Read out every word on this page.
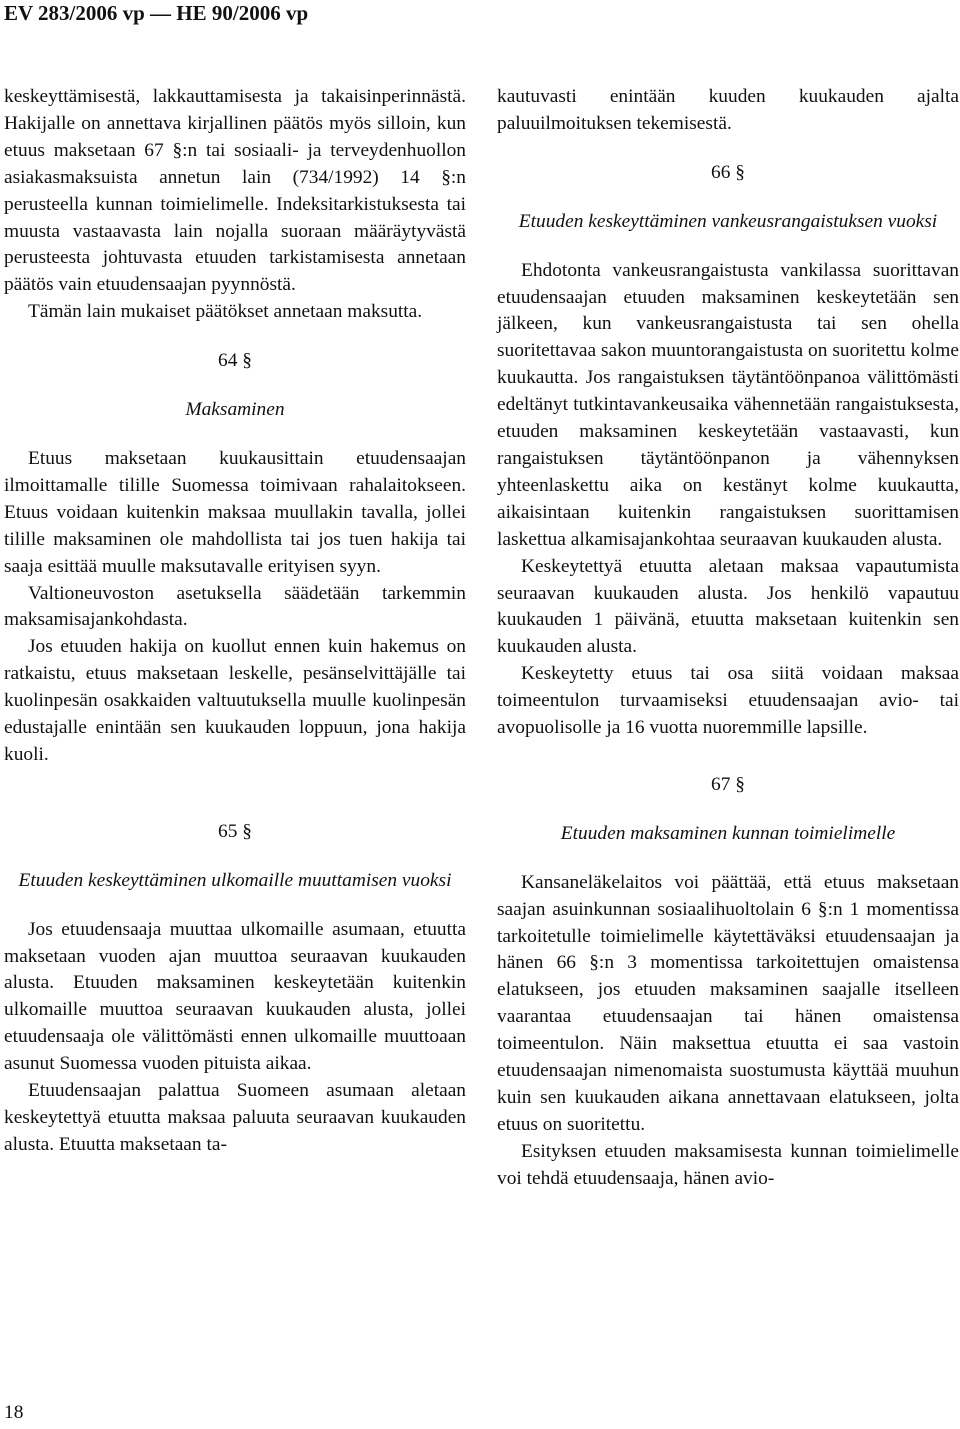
EV 283/2006 vp — HE 90/2006 vp

keskeyttämisestä, lakkauttamisesta ja takaisinperinnästä. Hakijalle on annettava kirjallinen päätös myös silloin, kun etuus maksetaan 67 §:n tai sosiaali- ja terveydenhuollon asiakasmaksuista annetun lain (734/1992) 14 §:n perusteella kunnan toimielimelle. Indeksitarkistuksesta tai muusta vastaavasta lain nojalla suoraan määräytyvästä perusteesta johtuvasta etuuden tarkistamisesta annetaan päätös vain etuudensaajan pyynnöstä.

Tämän lain mukaiset päätökset annetaan maksutta.

64 §

Maksaminen

Etuus maksetaan kuukausittain etuudensaajan ilmoittamalle tilille Suomessa toimivaan rahalaitokseen. Etuus voidaan kuitenkin maksaa muullakin tavalla, jollei tilille maksaminen ole mahdollista tai jos tuen hakija tai saaja esittää muulle maksutavalle erityisen syyn.

Valtioneuvoston asetuksella säädetään tarkemmin maksamisajankohdasta.

Jos etuuden hakija on kuollut ennen kuin hakemus on ratkaistu, etuus maksetaan leskelle, pesänselvittäjälle tai kuolinpesän osakkaiden valtuutuksella muulle kuolinpesän edustajalle enintään sen kuukauden loppuun, jona hakija kuoli.

65 §

Etuuden keskeyttäminen ulkomaille muuttamisen vuoksi

Jos etuudensaaja muuttaa ulkomaille asumaan, etuutta maksetaan vuoden ajan muuttoa seuraavan kuukauden alusta. Etuuden maksaminen keskeytetään kuitenkin ulkomaille muuttoa seuraavan kuukauden alusta, jollei etuudensaaja ole välittömästi ennen ulkomaille muuttoaan asunut Suomessa vuoden pituista aikaa.

Etuudensaajan palattua Suomeen asumaan aletaan keskeytettyä etuutta maksaa paluuta seuraavan kuukauden alusta. Etuutta maksetaan ta-

kautuvasti enintään kuuden kuukauden ajalta paluuilmoituksen tekemisestä.

66 §

Etuuden keskeyttäminen vankeusrangaistuksen vuoksi

Ehdotonta vankeusrangaistusta vankilassa suorittavan etuudensaajan etuuden maksaminen keskeytetään sen jälkeen, kun vankeusrangaistusta tai sen ohella suoritettavaa sakon muuntorangaistusta on suoritettu kolme kuukautta. Jos rangaistuksen täytäntöönpanoa välittömästi edeltänyt tutkintavankeusaika vähennetään rangaistuksesta, etuuden maksaminen keskeytetään vastaavasti, kun rangaistuksen täytäntöönpanon ja vähennyksen yhteenlaskettu aika on kestänyt kolme kuukautta, aikaisintaan kuitenkin rangaistuksen suorittamisen laskettua alkamisajankohtaa seuraavan kuukauden alusta.

Keskeytettyä etuutta aletaan maksaa vapautumista seuraavan kuukauden alusta. Jos henkilö vapautuu kuukauden 1 päivänä, etuutta maksetaan kuitenkin sen kuukauden alusta.

Keskeytetty etuus tai osa siitä voidaan maksaa toimeentulon turvaamiseksi etuudensaajan avio- tai avopuolisolle ja 16 vuotta nuoremmille lapsille.

67 §

Etuuden maksaminen kunnan toimielimelle

Kansaneläkelaitos voi päättää, että etuus maksetaan saajan asuinkunnan sosiaalihuoltolain 6 §:n 1 momentissa tarkoitetulle toimielimelle käytettäväksi etuudensaajan ja hänen 66 §:n 3 momentissa tarkoitettujen omaistensa elatukseen, jos etuuden maksaminen saajalle itselleen vaarantaa etuudensaajan tai hänen omaistensa toimeentulon. Näin maksettua etuutta ei saa vastoin etuudensaajan nimenomaista suostumusta käyttää muuhun kuin sen kuukauden aikana annettavaan elatukseen, jolta etuus on suoritettu.

Esityksen etuuden maksamisesta kunnan toimielimelle voi tehdä etuudensaaja, hänen avio-

18
